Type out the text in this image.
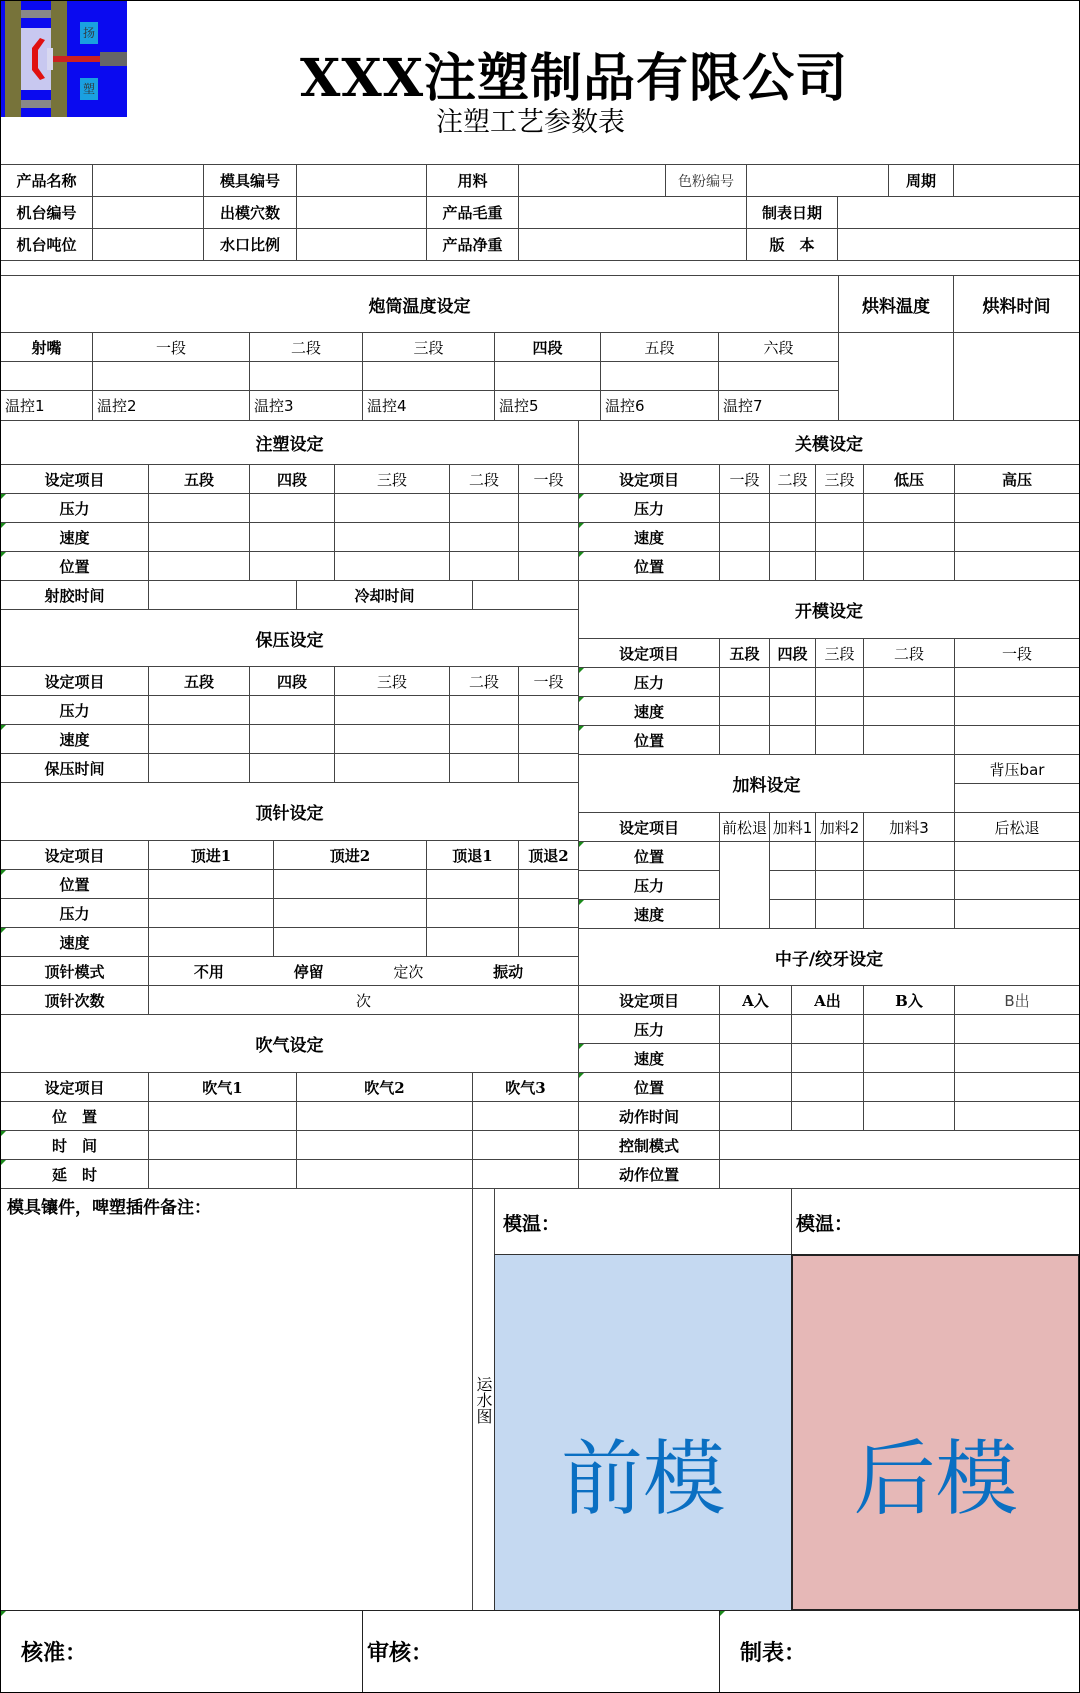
扬
塑	XXX注塑制品有限公司
注塑工艺参数表
产品名称	模具编号	用料	色粉编号	周期
机台编号	出模穴数	产品毛重	制表日期
机台吨位	水口比例	产品净重	版　本
炮筒温度设定	烘料温度	烘料时间
射嘴	一段	二段	三段	四段	五段	六段
温控1	温控2	温控3	温控4	温控5	温控6	温控7
注塑设定
设定项目	五段	四段	三段	二段	一段
压力
速度
位置
射胶时间	冷却时间
关模设定
设定项目	一段	二段	三段	低压	高压
压力
速度
位置
保压设定
设定项目	五段	四段	三段	二段	一段
压力
速度
保压时间
开模设定
设定项目	五段	四段	三段	二段	一段
压力
速度
位置
加料设定
背压bar
设定项目	前松退 加料1 加料2	加料3	后松退
位置
压力
速度
顶针设定
设定项目	顶进1	顶进2	顶退1	顶退2
位置
压力
速度
顶针模式	不用	停留	定次	振动
顶针次数	次
中子/绞牙设定
设定项目	A入	A出	B入	B出
压力
速度
位置
动作时间
控制模式
动作位置
吹气设定
设定项目	吹气1	吹气2	吹气3
位　置
时　间
延　时
模具镶件，啤塑插件备注：
运水图
模温：	模温：
前模	后模
核准：	审核：	制表：
